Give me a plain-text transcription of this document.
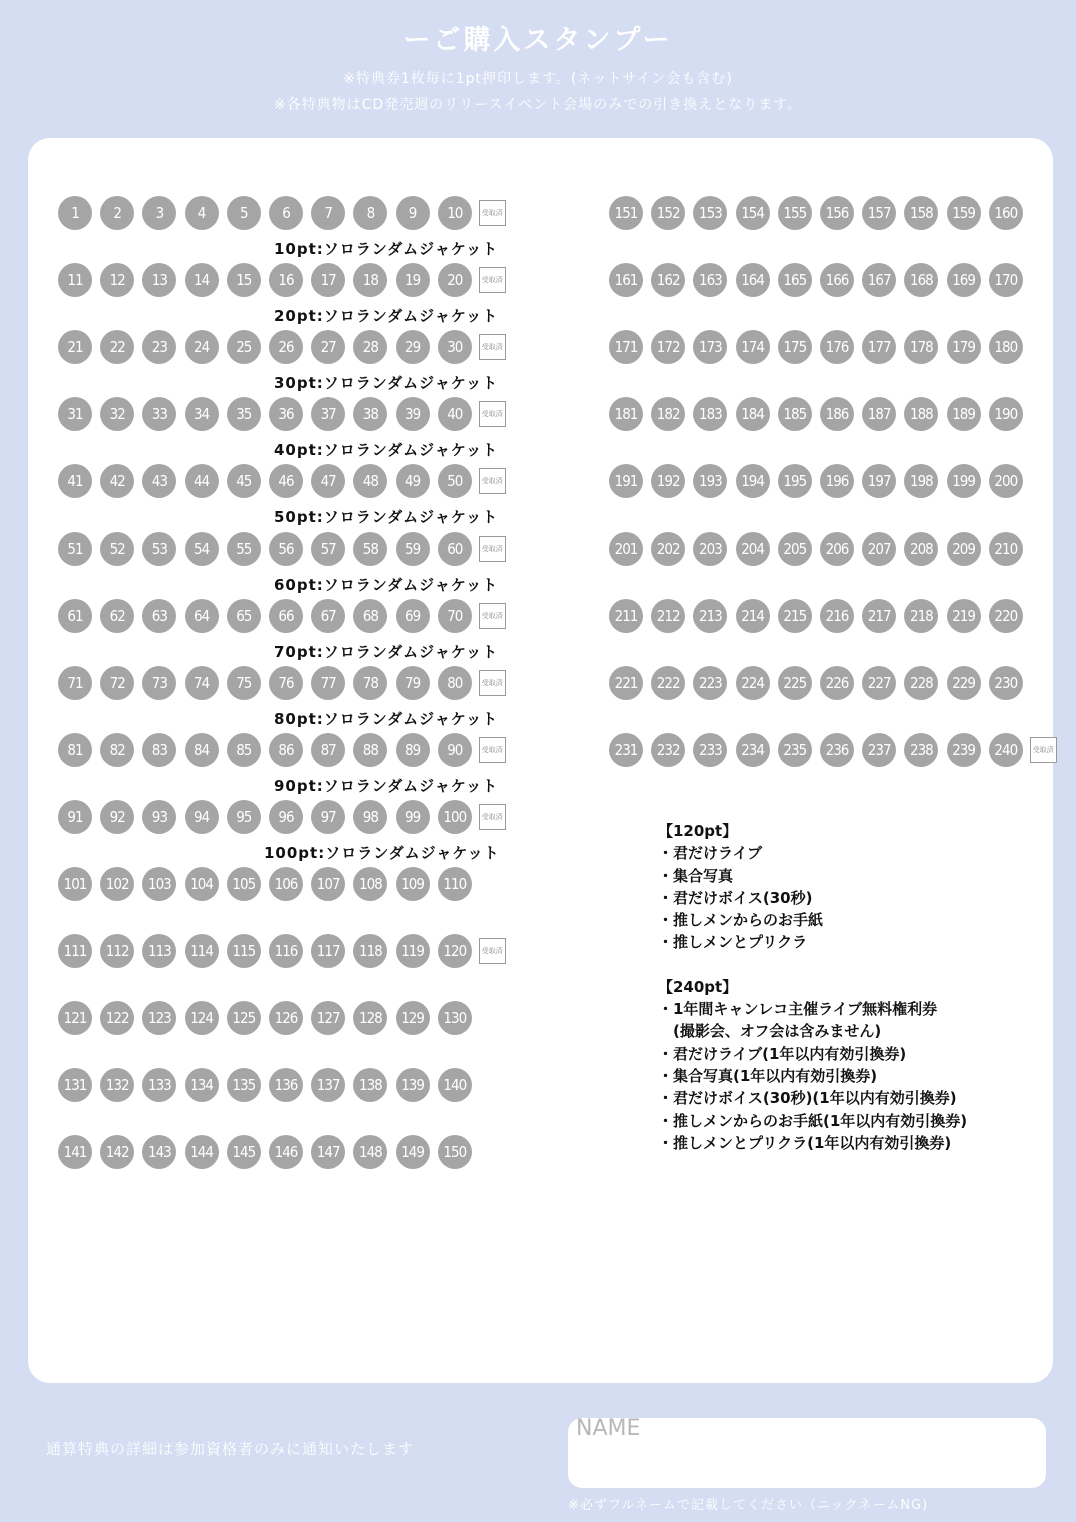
ーご購入スタンプー
※特典券1枚毎に1pt押印します。(ネットサイン会も含む)
※各特典物はCD発売週のリリースイベント会場のみでの引き換えとなります。
【120pt】
・君だけライブ
・集合写真
・君だけボイス(30秒)
・推しメンからのお手紙
・推しメンとプリクラ
【240pt】
・1年間キャンレコ主催ライブ無料権利券
　(撮影会、オフ会は含みません)
・君だけライブ(1年以内有効引換券)
・集合写真(1年以内有効引換券)
・君だけボイス(30秒)(1年以内有効引換券)
・推しメンからのお手紙(1年以内有効引換券)
・推しメンとプリクラ(1年以内有効引換券)
1	2	3	4	5	6	7	8	9	10	受取済
11	12	13	14	15	16	17	18	19	20	受取済
21	22	23	24	25	26	27	28	29	30	受取済
31	32	33	34	35	36	37	38	39	40	受取済
41	42	43	44	45	46	47	48	49	50	受取済
51	52	53	54	55	56	57	58	59	60	受取済
61	62	63	64	65	66	67	68	69	70	受取済
71	72	73	74	75	76	77	78	79	80	受取済
81	82	83	84	85	86	87	88	89	90	受取済
91	92	93	94	95	96	97	98	99	100	受取済
101	102	103	104	105	106	107	108	109	110
111	112	113	114	115	116	117	118	119	120	受取済
121	122	123	124	125	126	127	128	129	130
131	132	133	134	135	136	137	138	139	140
141	142	143	144	145	146	147	148	149	150
151	152	153	154	155	156	157	158	159	160
161	162	163	164	165	166	167	168	169	170
171	172	173	174	175	176	177	178	179	180
181	182	183	184	185	186	187	188	189	190
191	192	193	194	195	196	197	198	199	200
201	202	203	204	205	206	207	208	209	210
211	212	213	214	215	216	217	218	219	220
221	222	223	224	225	226	227	228	229	230
231	232	233	234	235	236	237	238	239	240	受取済
10pt:ソロランダムジャケット
20pt:ソロランダムジャケット
30pt:ソロランダムジャケット
40pt:ソロランダムジャケット
50pt:ソロランダムジャケット
60pt:ソロランダムジャケット
70pt:ソロランダムジャケット
80pt:ソロランダムジャケット
90pt:ソロランダムジャケット
100pt:ソロランダムジャケット
通算特典の詳細は参加資格者のみに通知いたします
NAME
※必ずフルネームで記載してください（ニックネームNG)
